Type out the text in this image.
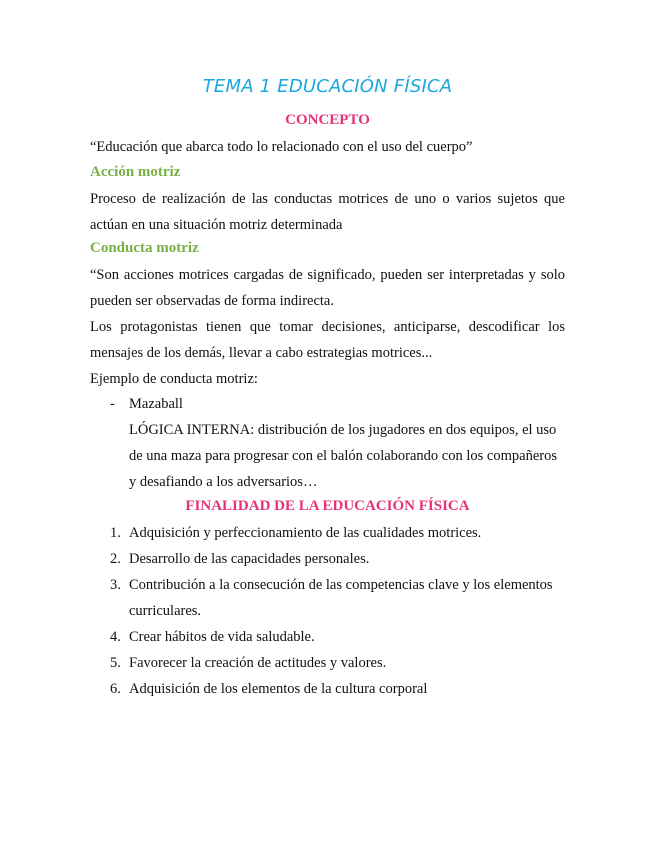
TEMA 1 EDUCACIÓN FÍSICA
CONCEPTO
“Educación que abarca todo lo relacionado con el uso del cuerpo”
Acción motriz
Proceso de realización de las conductas motrices de uno o varios sujetos que
actúan en una situación motriz determinada
Conducta motriz
“Son acciones motrices cargadas de significado, pueden ser interpretadas y solo
pueden ser observadas de forma indirecta.
Los protagonistas tienen que tomar decisiones, anticiparse, descodificar los
mensajes de los demás, llevar a cabo estrategias motrices...
Ejemplo de conducta motriz:
- Mazaball
LÓGICA INTERNA: distribución de los jugadores en dos equipos, el uso
de una maza para progresar con el balón colaborando con los compañeros
y desafiando a los adversarios…
FINALIDAD DE LA EDUCACIÓN FÍSICA
1. Adquisición y perfeccionamiento de las cualidades motrices.
2. Desarrollo de las capacidades personales.
3. Contribución a la consecución de las competencias clave y los elementos
curriculares.
4. Crear hábitos de vida saludable.
5. Favorecer la creación de actitudes y valores.
6. Adquisición de los elementos de la cultura corporal
